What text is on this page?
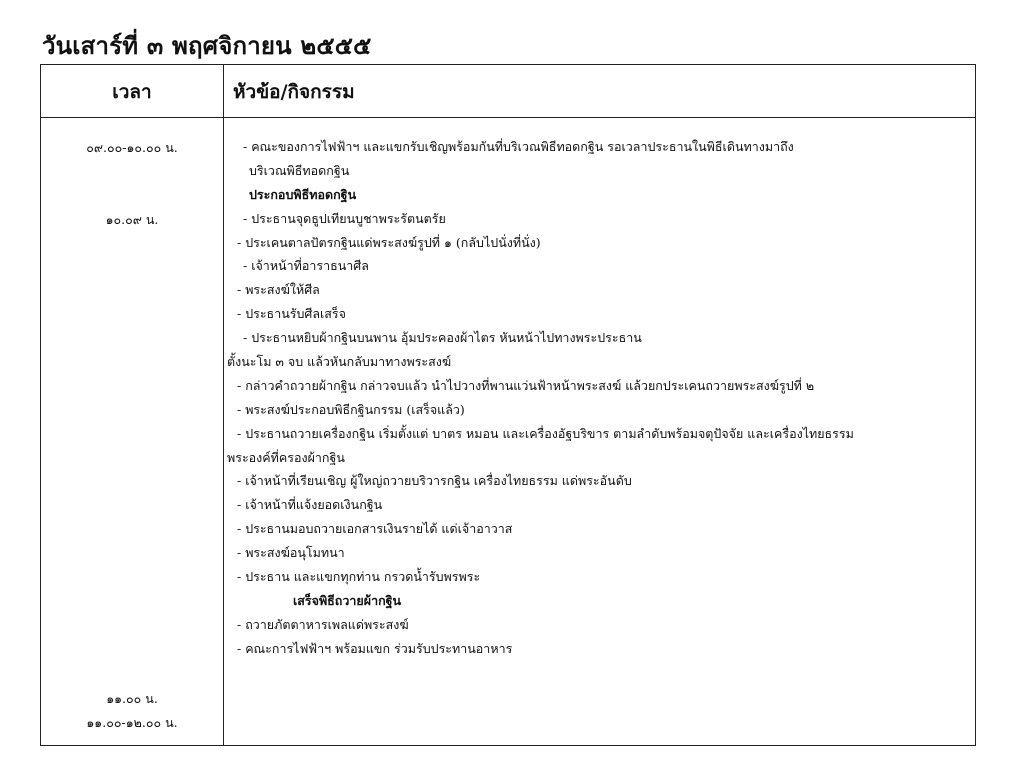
วันเสาร์ที่ ๓ พฤศจิกายน ๒๕๕๕
เวลา	หัวข้อ/กิจกรรม
๐๙.๐๐-๑๐.๐๐ น.
๑๐.๐๙ น.
๑๑.๐๐ น.
๑๑.๐๐-๑๒.๐๐ น.
- คณะของการไฟฟ้าฯ และแขกรับเชิญพร้อมกันที่บริเวณพิธีทอดกฐิน รอเวลาประธานในพิธีเดินทางมาถึง
บริเวณพิธีทอดกฐิน
ประกอบพิธีทอดกฐิน
- ประธานจุดธูปเทียนบูชาพระรัตนตรัย
- ประเคนตาลปัตรกฐินแด่พระสงฆ์รูปที่ ๑ (กลับไปนั่งที่นั่ง)
- เจ้าหน้าที่อาราธนาศีล
- พระสงฆ์ให้ศีล
- ประธานรับศีลเสร็จ
- ประธานหยิบผ้ากฐินบนพาน อุ้มประคองผ้าไตร หันหน้าไปทางพระประธาน
ตั้งนะโม ๓ จบ แล้วหันกลับมาทางพระสงฆ์
- กล่าวคำถวายผ้ากฐิน กล่าวจบแล้ว นำไปวางที่พานแว่นฟ้าหน้าพระสงฆ์ แล้วยกประเคนถวายพระสงฆ์รูปที่ ๒
- พระสงฆ์ประกอบพิธีกฐินกรรม (เสร็จแล้ว)
- ประธานถวายเครื่องกฐิน เริ่มตั้งแต่ บาตร หมอน และเครื่องอัฐบริขาร ตามลำดับพร้อมจตุปัจจัย และเครื่องไทยธรรม
พระองค์ที่ครองผ้ากฐิน
- เจ้าหน้าที่เรียนเชิญ ผู้ใหญ่ถวายบริวารกฐิน เครื่องไทยธรรม แด่พระอันดับ
- เจ้าหน้าที่แจ้งยอดเงินกฐิน
- ประธานมอบถวายเอกสารเงินรายได้ แด่เจ้าอาวาส
- พระสงฆ์อนุโมทนา
- ประธาน และแขกทุกท่าน กรวดน้ำรับพรพระ
เสร็จพิธีถวายผ้ากฐิน
- ถวายภัตตาหารเพลแด่พระสงฆ์
- คณะการไฟฟ้าฯ พร้อมแขก ร่วมรับประทานอาหาร
